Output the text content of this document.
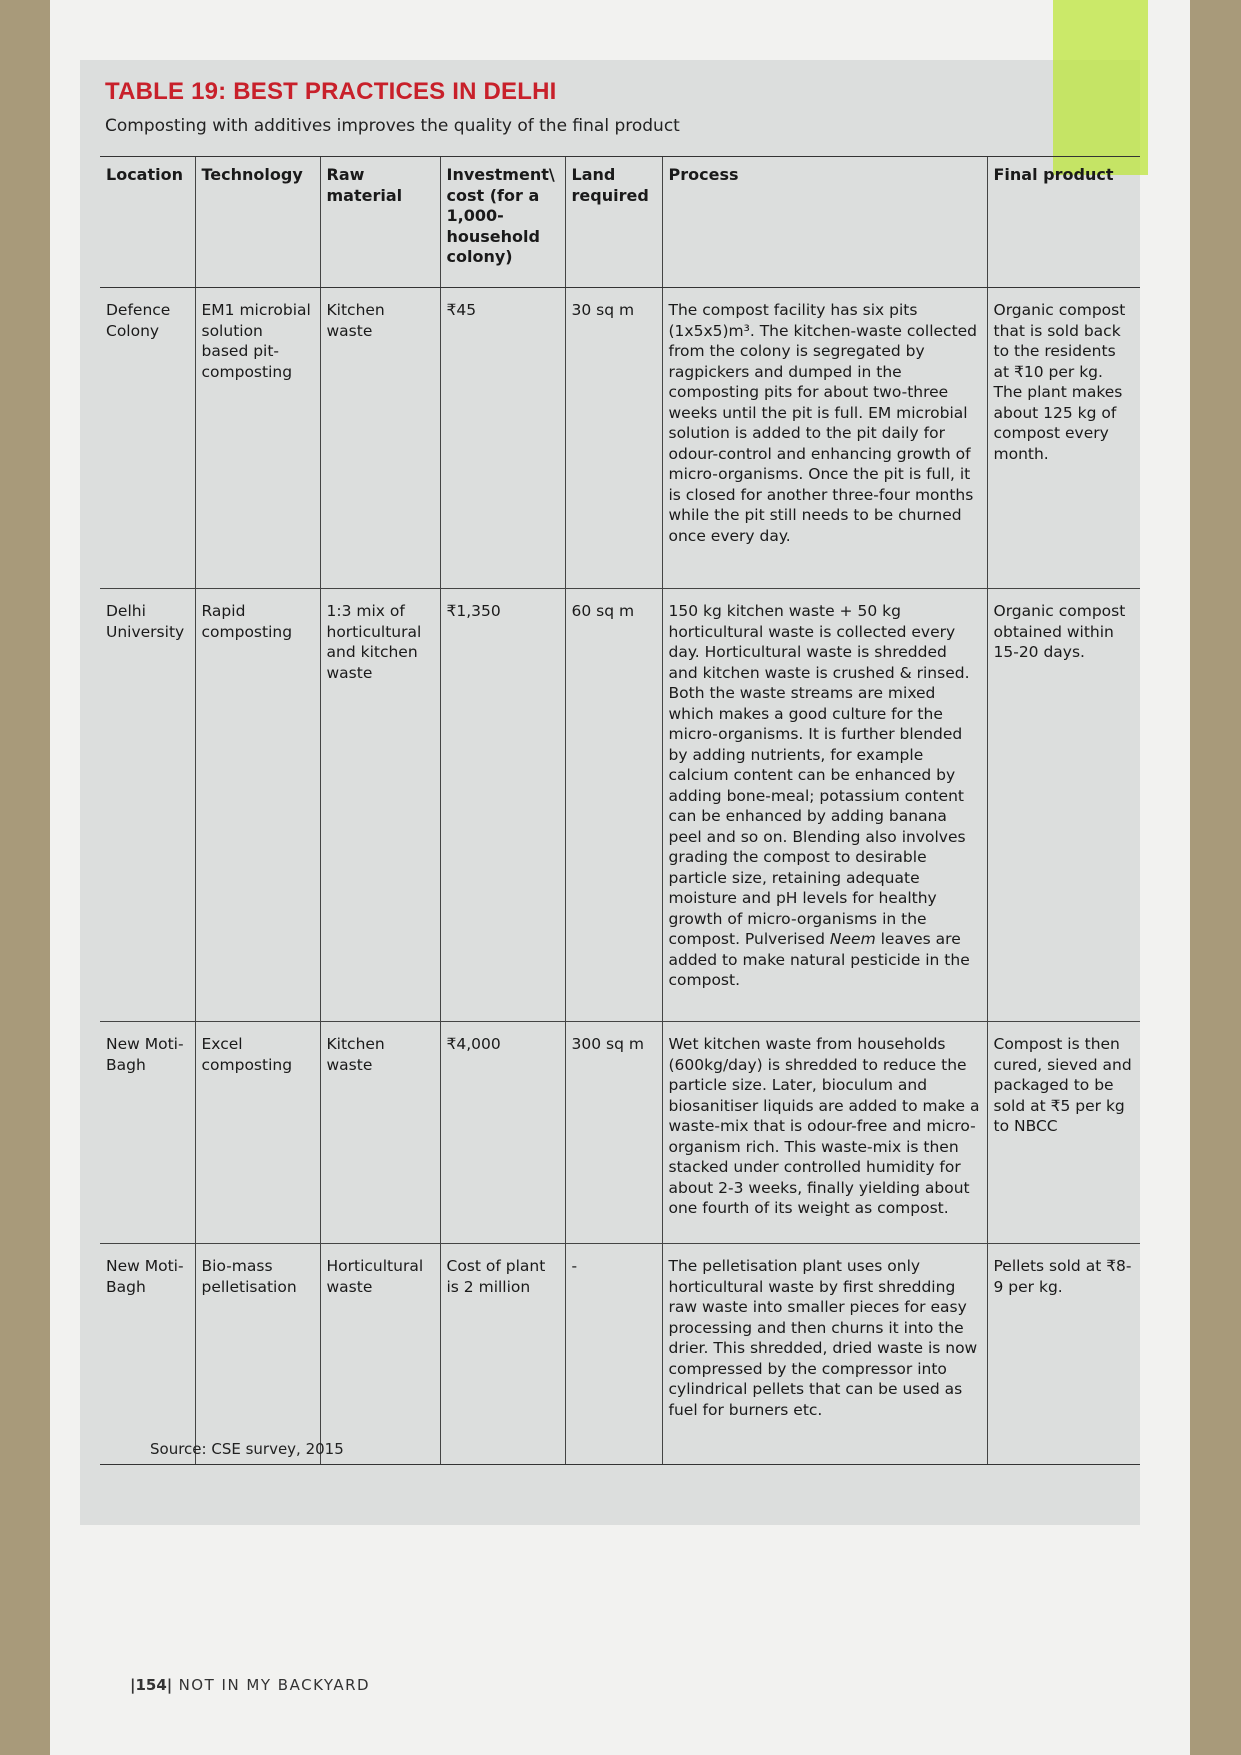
TABLE 19: BEST PRACTICES IN DELHI
Composting with additives improves the quality of the final product
Location	Technology	Raw material	Investment\ cost (for a 1,000-household colony)	Land required	Process	Final product
Defence Colony	EM1 microbial solution based pit-composting	Kitchen waste	₹45	30 sq m	The compost facility has six pits (1x5x5)m³. The kitchen-waste collected from the colony is segregated by ragpickers and dumped in the composting pits for about two-three weeks until the pit is full. EM microbial solution is added to the pit daily for odour-control and enhancing growth of micro-organisms. Once the pit is full, it is closed for another three-four months while the pit still needs to be churned once every day.	Organic compost that is sold back to the residents at ₹10 per kg. The plant makes about 125 kg of compost every month.
Delhi University	Rapid composting	1:3 mix of horticultural and kitchen waste	₹1,350	60 sq m	150 kg kitchen waste + 50 kg horticultural waste is collected every day. Horticultural waste is shredded and kitchen waste is crushed & rinsed. Both the waste streams are mixed which makes a good culture for the micro-organisms. It is further blended by adding nutrients, for example calcium content can be enhanced by adding bone-meal; potassium content can be enhanced by adding banana peel and so on. Blending also involves grading the compost to desirable particle size, retaining adequate moisture and pH levels for healthy growth of micro-organisms in the compost. Pulverised Neem leaves are added to make natural pesticide in the compost.	Organic compost obtained within 15-20 days.
New Moti-Bagh	Excel composting	Kitchen waste	₹4,000	300 sq m	Wet kitchen waste from households (600kg/day) is shredded to reduce the particle size. Later, bioculum and biosanitiser liquids are added to make a waste-mix that is odour-free and micro-organism rich. This waste-mix is then stacked under controlled humidity for about 2-3 weeks, finally yielding about one fourth of its weight as compost.	Compost is then cured, sieved and packaged to be sold at ₹5 per kg to NBCC
New Moti-Bagh	Bio-mass pelletisation	Horticultural waste	Cost of plant is 2 million	-	The pelletisation plant uses only horticultural waste by first shredding raw waste into smaller pieces for easy processing and then churns it into the drier. This shredded, dried waste is now compressed by the compressor into cylindrical pellets that can be used as fuel for burners etc.	Pellets sold at ₹8-9 per kg.
Source: CSE survey, 2015
|154| NOT IN MY BACKYARD
